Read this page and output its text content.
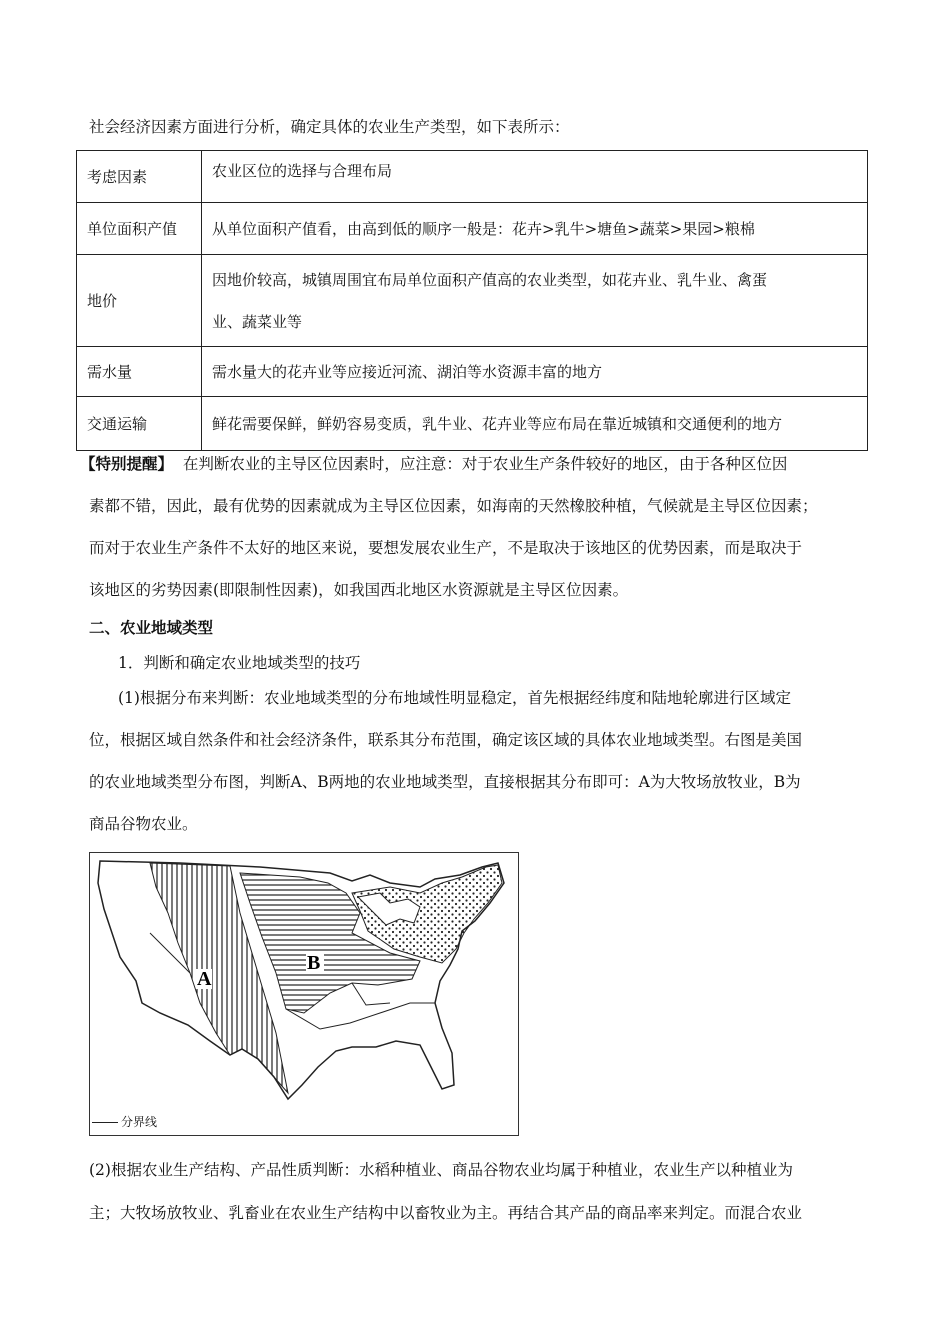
社会经济因素方面进行分析，确定具体的农业生产类型，如下表所示：
考虑因素	农业区位的选择与合理布局
单位面积产值	从单位面积产值看，由高到低的顺序一般是：花卉>乳牛>塘鱼>蔬菜>果园>粮棉
地价	因地价较高，城镇周围宜布局单位面积产值高的农业类型，如花卉业、乳牛业、禽蛋
业、蔬菜业等

需水量	需水量大的花卉业等应接近河流、湖泊等水资源丰富的地方
交通运输	鲜花需要保鲜，鲜奶容易变质，乳牛业、花卉业等应布局在靠近城镇和交通便利的地方
【特别提醒】 在判断农业的主导区位因素时，应注意：对于农业生产条件较好的地区，由于各种区位因
素都不错，因此，最有优势的因素就成为主导区位因素，如海南的天然橡胶种植，气候就是主导区位因素；
而对于农业生产条件不太好的地区来说，要想发展农业生产，不是取决于该地区的优势因素，而是取决于
该地区的劣势因素(即限制性因素)，如我国西北地区水资源就是主导区位因素。
二、农业地域类型
1．判断和确定农业地域类型的技巧
(1)根据分布来判断：农业地域类型的分布地域性明显稳定，首先根据经纬度和陆地轮廓进行区域定
位，根据区域自然条件和社会经济条件，联系其分布范围，确定该区域的具体农业地域类型。右图是美国
的农业地域类型分布图，判断A、B两地的农业地域类型，直接根据其分布即可：A为大牧场放牧业，B为
商品谷物农业。
A
B
分界线
(2)根据农业生产结构、产品性质判断：水稻种植业、商品谷物农业均属于种植业，农业生产以种植业为
主；大牧场放牧业、乳畜业在农业生产结构中以畜牧业为主。再结合其产品的商品率来判定。而混合农业
